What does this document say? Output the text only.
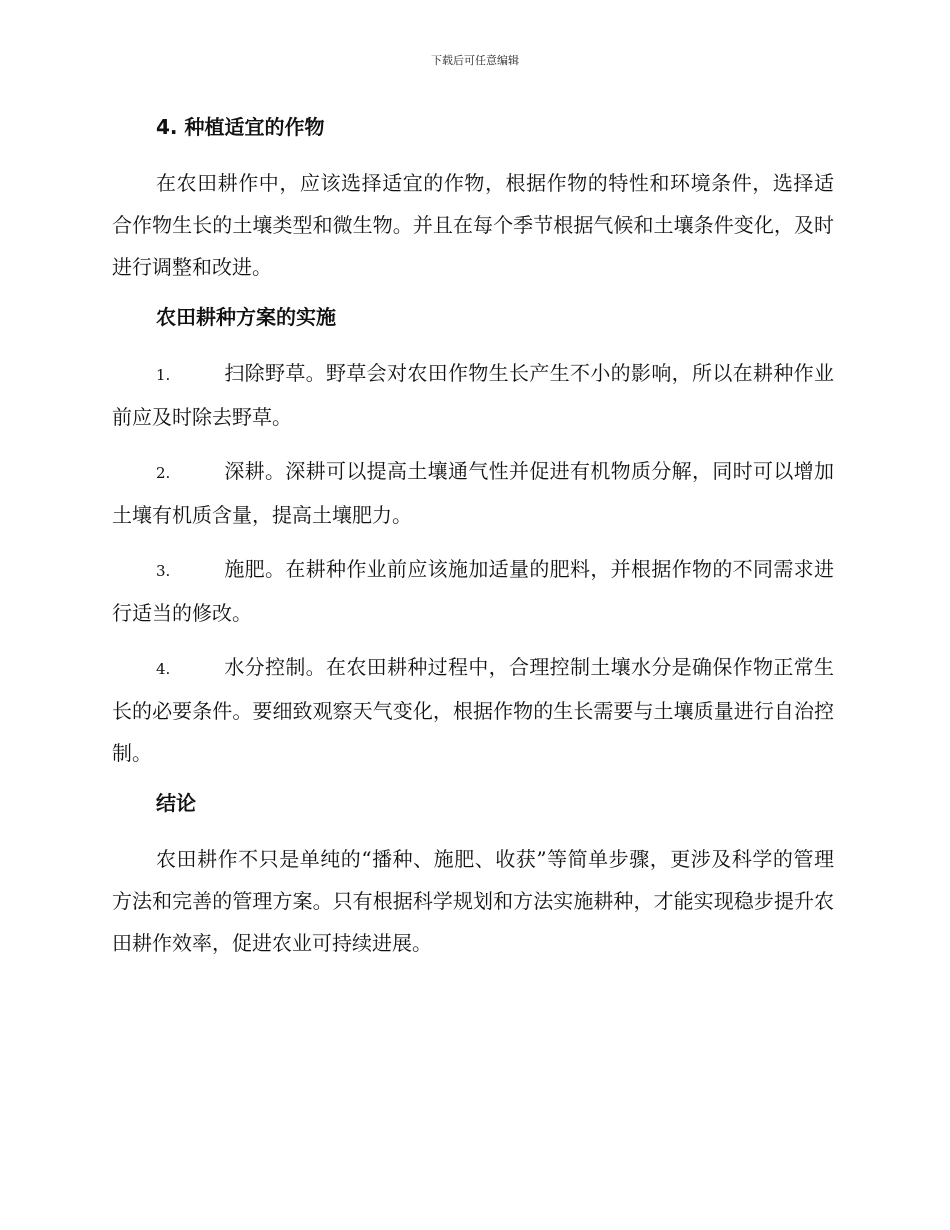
下载后可任意编辑
4. 种植适宜的作物

在农田耕作中，应该选择适宜的作物，根据作物的特性和环境条件，选择适合作物生长的土壤类型和微生物。并且在每个季节根据气候和土壤条件变化，及时进行调整和改进。

农田耕种方案的实施

1.	扫除野草。野草会对农田作物生长产生不小的影响，所以在耕种作业前应及时除去野草。

2.	深耕。深耕可以提高土壤通气性并促进有机物质分解，同时可以增加土壤有机质含量，提高土壤肥力。

3.	施肥。在耕种作业前应该施加适量的肥料，并根据作物的不同需求进行适当的修改。

4.	水分控制。在农田耕种过程中，合理控制土壤水分是确保作物正常生长的必要条件。要细致观察天气变化，根据作物的生长需要与土壤质量进行自治控制。

结论

农田耕作不只是单纯的“播种、施肥、收获”等简单步骤，更涉及科学的管理方法和完善的管理方案。只有根据科学规划和方法实施耕种，才能实现稳步提升农田耕作效率，促进农业可持续进展。
